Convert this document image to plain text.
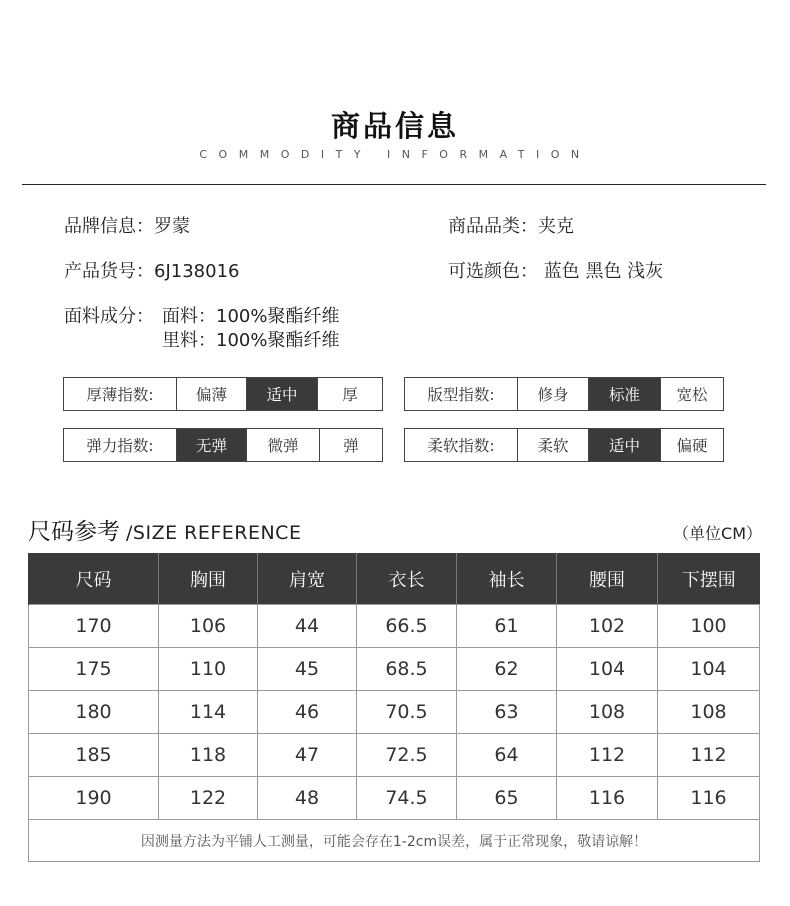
商品信息
COMMODITY INFORMATION
品牌信息：罗蒙	商品品类：夹克
产品货号：6J138016	可选颜色： 蓝色 黑色 浅灰
面料成分： 面料：100%聚酯纤维
里料：100%聚酯纤维
厚薄指数:	偏薄	适中	厚	版型指数:	修身	标准	宽松
弹力指数:	无弹	微弹	弹	柔软指数:	柔软	适中	偏硬
尺码参考 /SIZE REFERENCE	（单位CM）
尺码	胸围	肩宽	衣长	袖长	腰围	下摆围
170	106	44	66.5	61	102	100
175	110	45	68.5	62	104	104
180	114	46	70.5	63	108	108
185	118	47	72.5	64	112	112
190	122	48	74.5	65	116	116
因测量方法为平铺人工测量，可能会存在1-2cm误差，属于正常现象，敬请谅解！						
